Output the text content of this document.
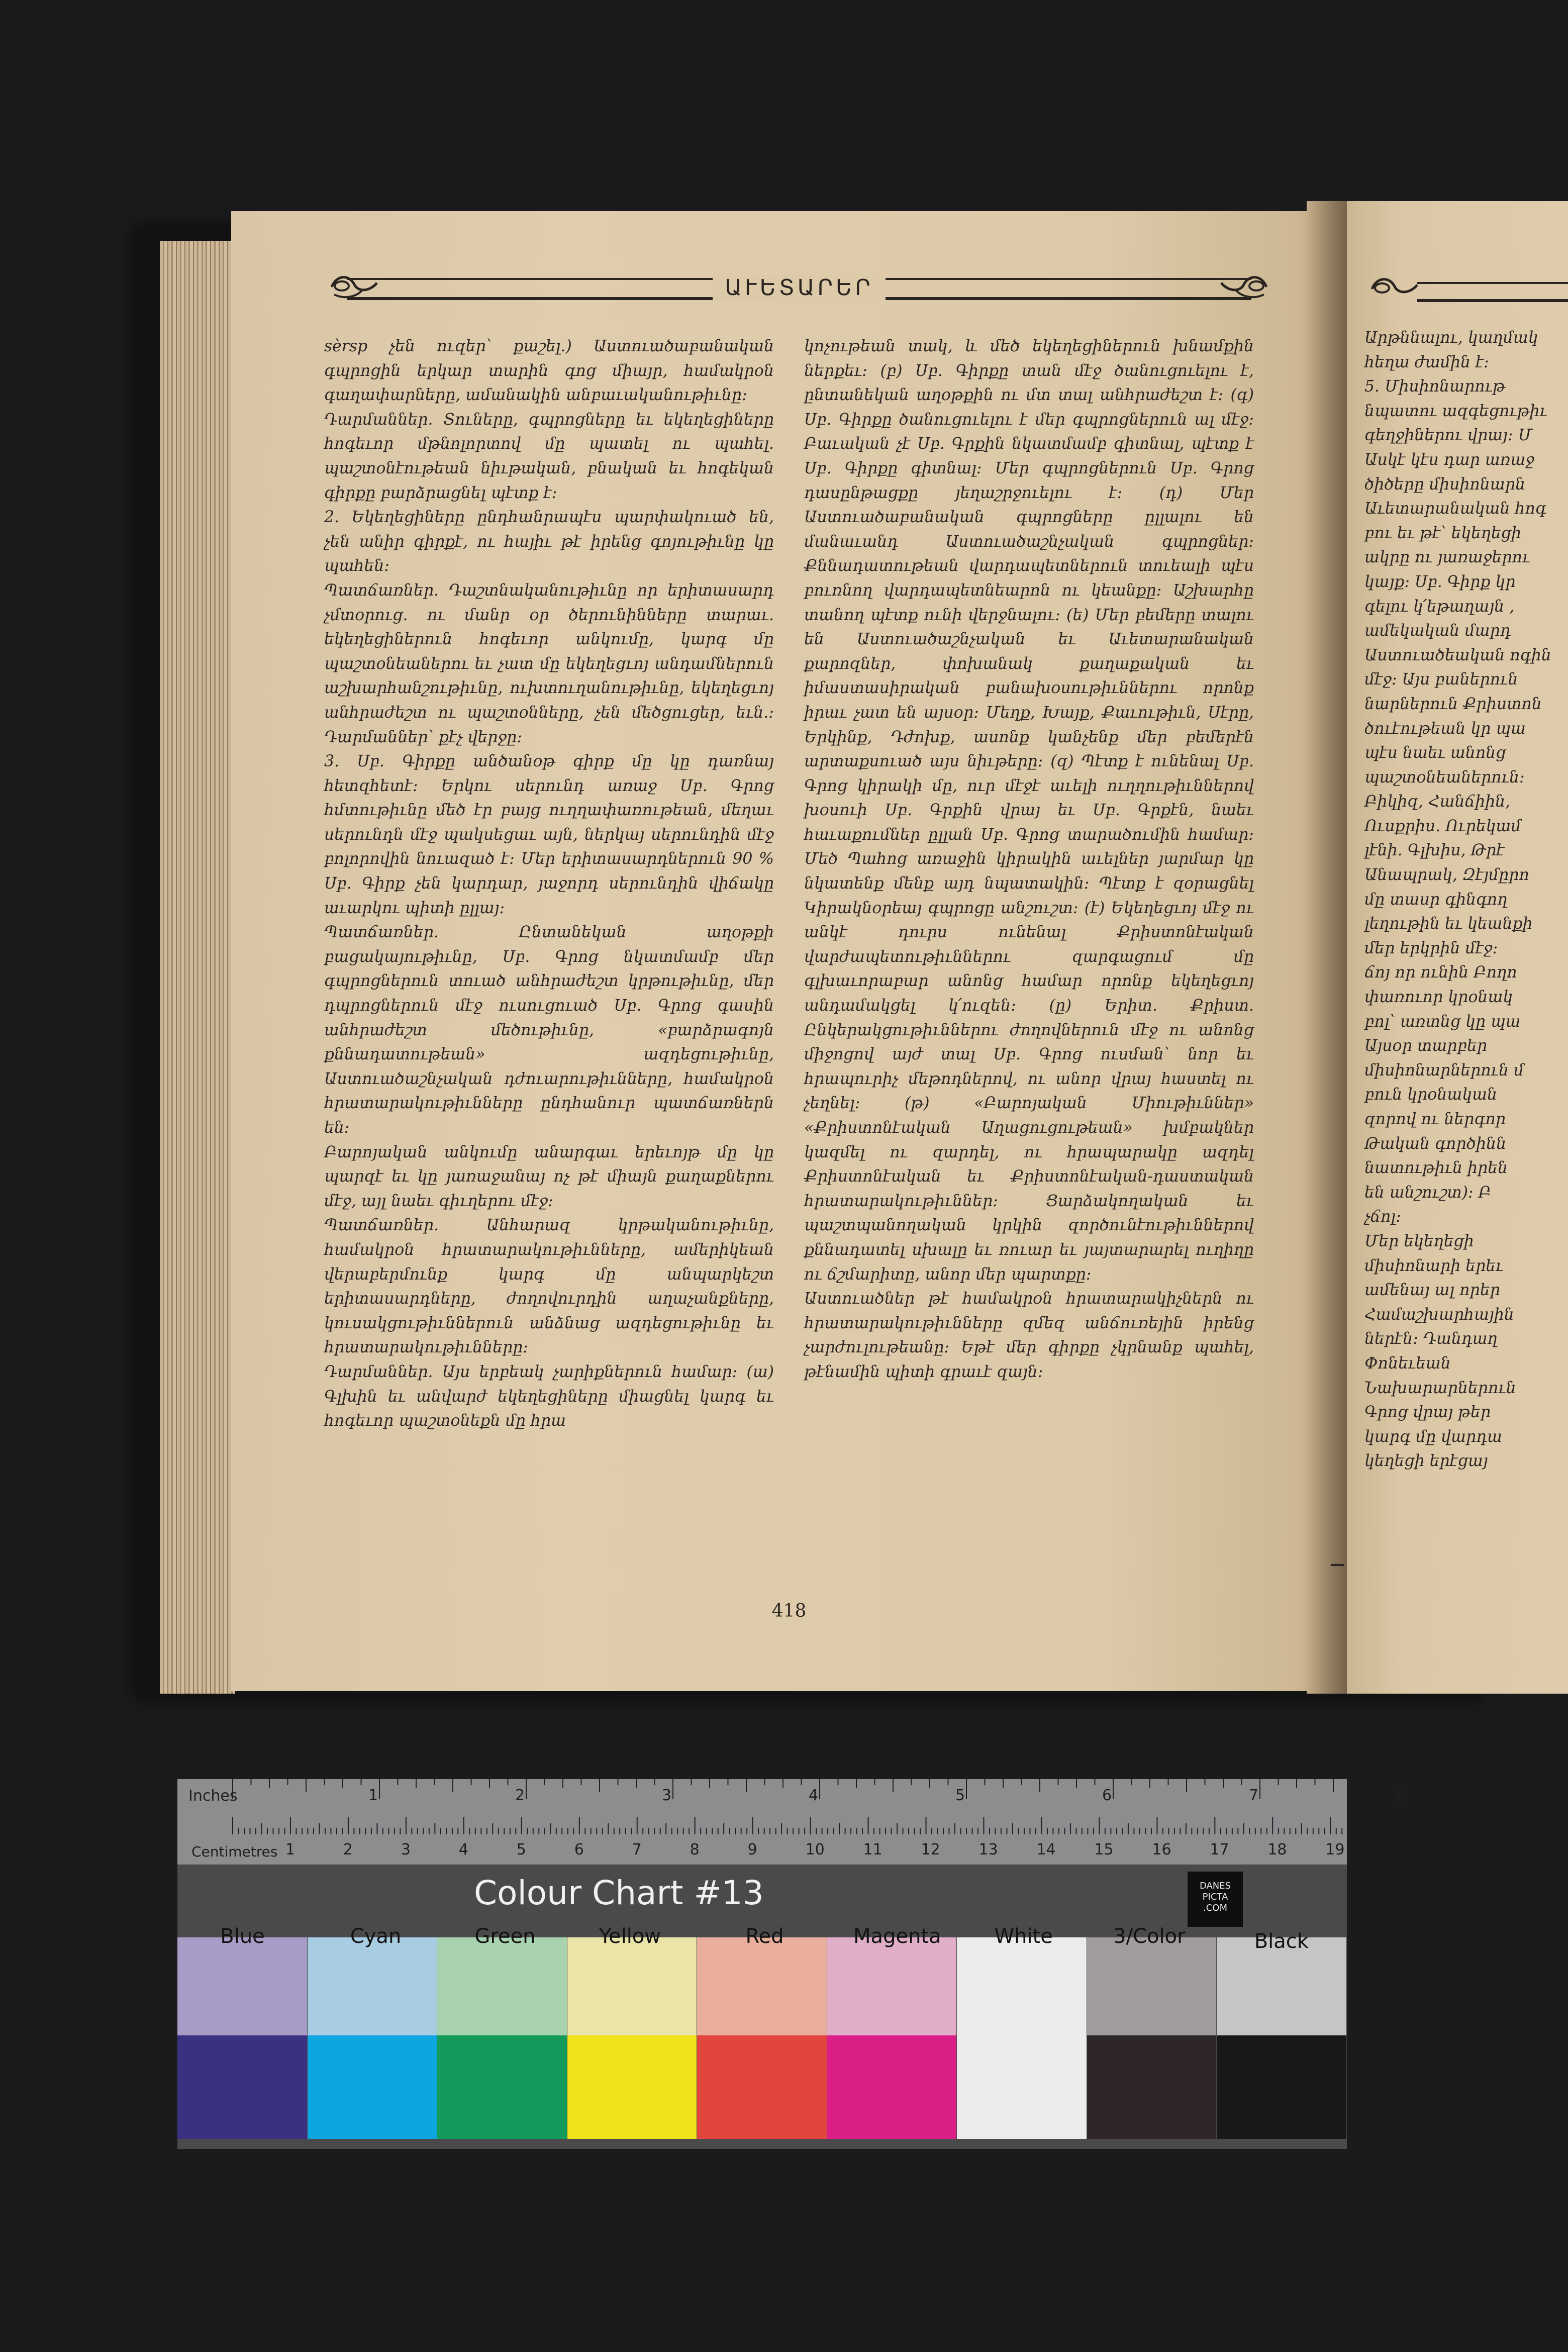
ԱՒԵՏԱՐԵՐ

sèrsp չեն ուզեր՝ քաշել.) Աստուածաբանական գպրոցին երկար տարին գոց միայր, համակրօն գաղափարները, ամանակին անբաւականութիւնը։

Դարմաններ. Տուները, գպրոցները եւ եկեղեցիները հոգեւոր մթնոլորտով մը պատել ու պահել. պաշտօնէութեան նիւթական, բնական եւ հոգեկան գիրքը բարձրացնել պէտք է։

2. Եկեղեցիները ընդհանրապէս պարփակուած են, չեն անիր գիրքէ, ու հայիւ թէ իրենց գոյութիւնը կը պահեն։

Պատճառներ. Դաշտնականութիւնը որ երիտասարդ չմտօրուց. ու մանր օր ծերունինները տարաւ. եկեղեցիներուն հոգեւոր անկումը, կարգ մը պաշտօնեաներու եւ չատ մը եկեղեցւոյ անդամներուն աշխարհանշութիւնը, ուխտուղանութիւնը, եկեղեցւոյ անհրաժեշտ ու պաշտօնները, չեն մեծցուցեր, եւն.։ Դարմաններ՝ քէչ վերջը։

3. Սբ. Գիրքը անծանօթ գիրք մը կը դառնայ հետզհետէ։ Երկու սերունդ առաջ Սբ. Գրոց հմտութիւնը մեծ էր բայց ուղղափառութեան, մեղաւ սերունդն մէջ պակսեցաւ այն, ներկայ սերունդին մէջ բոլորովին նուազած է։ Մեր երիտասարդներուն 90 % Սբ. Գիրք չեն կարդար, յաջորդ սերունդին վիճակը աւարկու պիտի ըլլայ։

Պատճառներ. Ընտանեկան աղօթքի բացակայութիւնը, Սբ. Գրոց նկատմամբ մեր գպրոցներուն տուած անհրաժեշտ կրթութիւնը, մեր դպրոցներուն մէջ ուսուցուած Սբ. Գրոց գասին անհրաժեշտ մեծութիւնը, «բարձրագոյն քննադատութեան» ազդեցութիւնը, Աստուածաշնչական դժուարութիւնները, համակրօն հրատարակութիւնները ընդհանուր պատճառներն են։

Բարոյական անկումը անարգաւ երեւոյթ մը կը պարզէ եւ կը յառաջանայ ոչ թէ միայն քաղաքներու մէջ, այլ նաեւ գիւղերու մէջ։

Պատճառներ. Անհարազ կրթականութիւնը, համակրօն հրատարակութիւնները, ամերիկեան վերաբերմունք կարգ մը անպարկեշտ երիտասարդները, ժողովուրդին աղաչանքները, կուսակցութիւններուն անձնաց ազդեցութիւնը եւ հրատարակութիւնները։

Դարմաններ. Այս երբեակ չարիքներուն համար։ (ա) Գլխին եւ անվարժ եկեղեցիները միացնել կարգ եւ հոգեւոր պաշտօնեքն մը հրա

կոչութեան տակ, և մեծ եկեղեցիներուն խնամքին ներքեւ։ (բ) Սբ. Գիրքը տան մէջ ծանուցուելու է, ընտանեկան աղօթքին ու մտ տալ անհրաժեշտ է։ (գ) Սբ. Գիրքը ծանուցուելու է մեր գպրոցներուն ալ մէջ։ Բաւական չէ Սբ. Գրքին նկատմամբ գիտնալ, պէտք է Սբ. Գիրքը գիտնալ։ Մեր գպրոցներուն Սբ. Գրոց դասընթացքը յեղաշրջուելու է։ (դ) Մեր Աստուածաբանական գպրոցները ըլլալու են մանաւանդ Աստուածաշնչական գպրոցներ։ Քննադատութեան վարդապետներուն տուեալի պէս բուռնող վարդապետնեարոն ու կեանքը։ Աշխարհը տանող պէտք ունի վերջնալու։ (ե) Մեր բեմերը տալու են Աստուածաշնչական եւ Աւետարանական քարոզներ, փոխանակ քաղաքական եւ իմաստասիրական բանախօսութիւններու որոնք իրաւ չատ են այսօր։ Մեղք, Խայք, Քաւութիւն, Սէրը, Երկինք, Դժոխք, ասոնք կանչենք մեր բեմերէն արտաքսուած այս նիւթերը։ (զ) Պէտք է ունենալ Սբ. Գրոց կիրակի մը, ուր մէջէ աւելի ուղղութիւններով խօսուի Սբ. Գրքին վրայ եւ Սբ. Գրքէն, նաեւ հաւաքումներ ըլլան Սբ. Գրոց տարածումին համար։ Մեծ Պահոց առաջին կիրակին աւելներ յարմար կը նկատենք մենք այդ նպատակին։ Պէտք է զօրացնել Կիրակնօրեայ գպրոցը անշուշտ։ (է) Եկեղեցւոյ մէջ ու անկէ դուրս ունենալ Քրիստոնէական վարժապետութիւններու զարգացում մը գլխաւորաբար անոնց համար որոնք եկեղեցւոյ անդամակցել կ՛ուզեն։ (ը) Երիտ. Քրիստ. Ընկերակցութիւններու ժողովներուն մէջ ու անոնց միջոցով այժ տալ Սբ. Գրոց ուսման՝ նոր եւ հրապուրիչ մեթոդներով, ու անոր վրայ հաստել ու չեղնել։ (թ) «Բարոյական Միութիւններ» «Քրիստոնէական Աղացուցութեան» խմբակներ կազմել ու զարդել, ու հրապարակը ազդել Քրիստոնէական եւ Քրիստոնէական-դաստական հրատարակութիւններ։ Ցարձակողական եւ պաշտպանողական կրկին զործունէութիւններով քննադատել սխալը եւ ռուար եւ յայտարարել ուղիղը ու ճշմարիտը, անոր մեր պարտքը։

Աստուածներ թէ համակրօն հրատարակիչներն ու հրատարակութիւնները զմեզ անճուռեյին իրենց չարժուլութեանը։ Եթէ մեր գիրքը չկրնանք պահել, թէնամին պիտի գրաւէ զայն։

Արթննալու, կաղմակ
հեղա ժամին է։
5. Միսիոնարութ
նպատու ազգեցութիւ
գեղջիներու վրայ։ Մ
Ասկէ կէս դար առաջ
ծիծերը միսիոնարն
Աւետարանական հոգ
բու եւ թէ՝ եկեղեցի
ակրը ու յառաջերու
կայք։ Սբ. Գիրք կր
գելու կ՛եթաղայն ,
ամեկական մարդ
Աստուածեական ոգին
մէջ։ Այս բաներուն
նարներուն Քրիստոն
ծուէութեան կր պա
պէս նաեւ անոնց
պաշտօնեաներուն։
Բիկիզ, Հանճիին,
Ուսքրիս. Ուրեկամ
լէնի. Գլխիս, Թրէ
Անապրակ, Զէյմըրո
մը տասր գինգող
լեղութին եւ կեանքի
մեր երկրին մէջ։
ճոյ որ ունին Բողո
փառուոր կրօնակ
բոլ՝ առտնց կը պա
Այսօր տարբեր
միսիոնարներուն մ
բուն կրօնական
զորով ու ներգոր
Թական գործինն
նատութիւն իրեն
են անշուշտ)։ Բ
չճոլ։
Մեր եկեղեցի
միսիոնարի երեւ
ամենայ ալ որեր
Համաշխարհային
ներէն։ Դանդաղ
Փոնեւեան
Նախարարներուն
Գրոց վրայ թեր
կարգ մը վարդա
կեղեցի երէցայ
418
Inches
Centimetres
1	2	3	4	5	6	7	8
1	2	3	4	5	6	7	8	9	10	11	12	13	14	15	16	17	18	19
Colour Chart #13	DANES
PICTA
.COM
Blue	Cyan	Green	Yellow	Red	Magenta	White	3/Color	Black
